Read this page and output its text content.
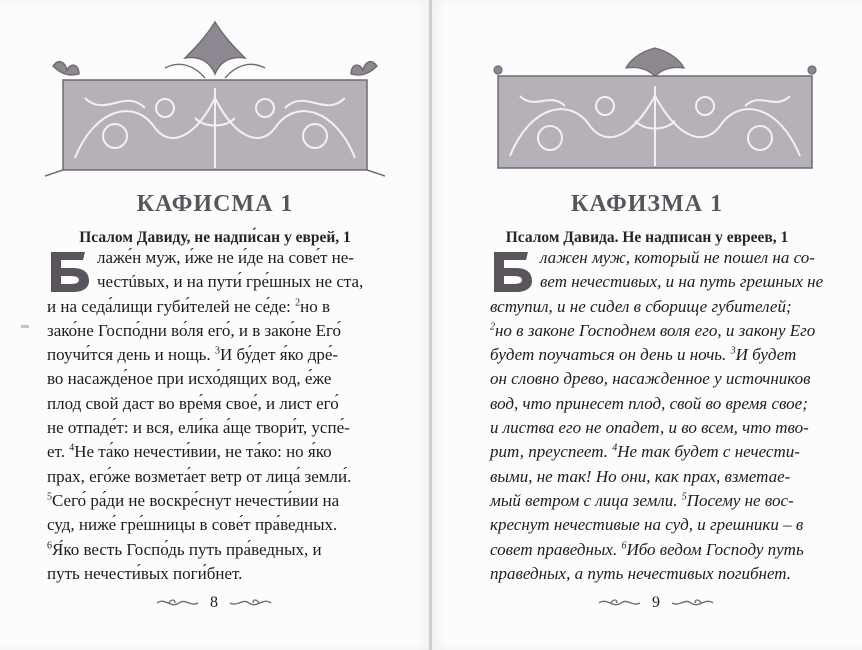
КАФИСМА 1
Псалом Давиду, не надпи́сан у еврей, 1
лаже́н муж, и́же не и́де на сове́т не-
честúвых, и на пути́ гре́шных не ста,
и на седа́лищи губи́телей не се́де: $^2$но в
зако́не Госпо́дни во́ля его́, и в зако́не Его́
поучи́тся день и нощь. $^3$И бу́дет я́ко дре́-
во насажде́ное при исхо́дящих вод, е́же
плод свой даст во вре́мя свое́, и лист его́
не отпаде́т: и вся, ели́ка а́ще твори́т, успе́-
ет. $^4$Не та́ко нечести́вии, не та́ко: но я́ко
прах, его́же возмета́ет ветр от лица́ земли́.
$^5$Сего́ ра́ди не воскре́снут нечести́вии на
суд, ниже́ гре́шницы в сове́т пра́ведных.
$^6$Я́ко весть Госпо́дь путь пра́ведных, и
путь нечести́вых поги́бнет.
8
КАФИЗМА 1
Псалом Давида. Не надписан у евреев, 1
лажен муж, который не пошел на со-
вет нечестивых, и на путь грешных не
вступил, и не сидел в сборище губителей;
$^2$но в законе Господнем воля его, и закону Его
будет поучаться он день и ночь. $^3$И будет
он словно древо, насажденное у источников
вод, что принесет плод, свой во время свое;
и листва его не опадет, и во всем, что тво-
рит, преуспеет. $^4$Не так будет с нечести-
выми, не так! Но они, как прах, взметае-
мый ветром с лица земли. $^5$Посему не вос-
креснут нечестивые на суд, и грешники – в
совет праведных. $^6$Ибо ведом Господу путь
праведных, а путь нечестивых погибнет.
9
